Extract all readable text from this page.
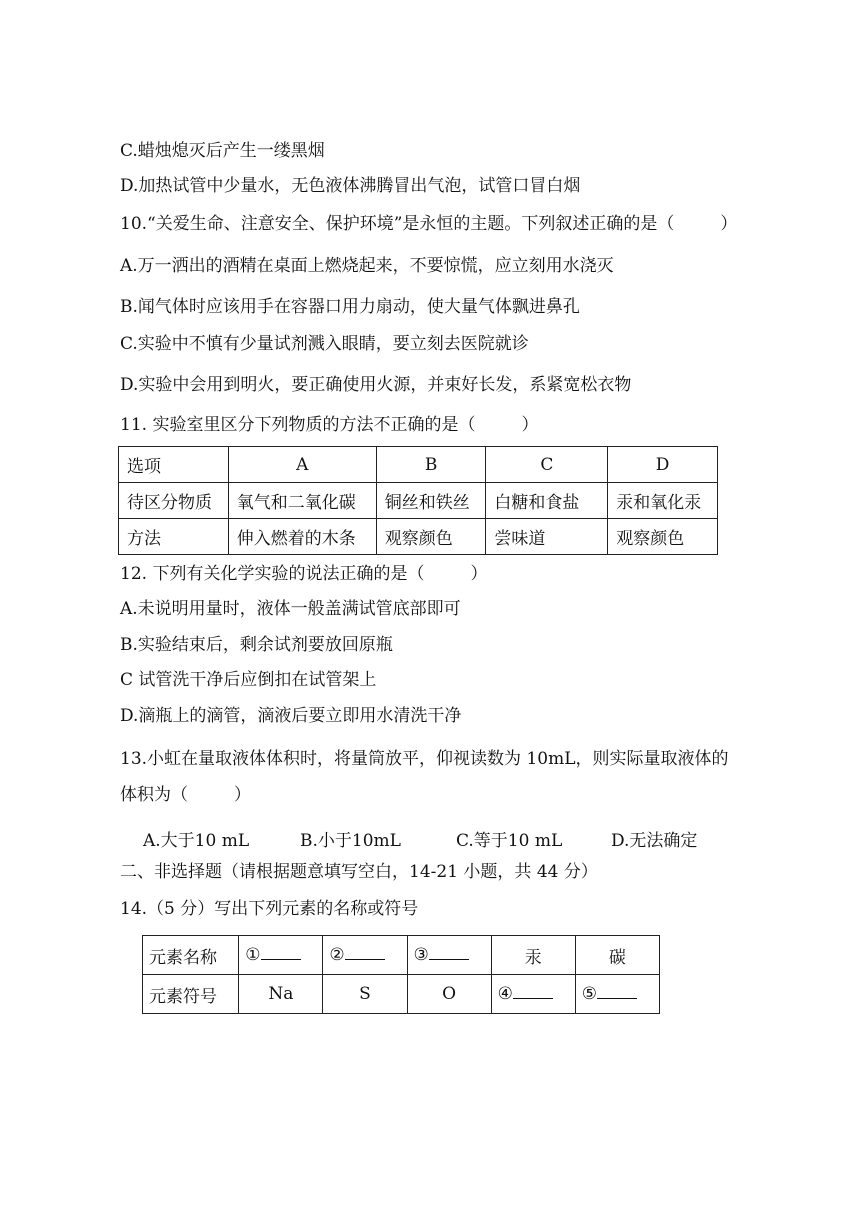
C.蜡烛熄灭后产生一缕黑烟
D.加热试管中少量水，无色液体沸腾冒出气泡，试管口冒白烟
10.“关爱生命、注意安全、保护环境”是永恒的主题。下列叙述正确的是（	）
A.万一洒出的酒精在桌面上燃烧起来，不要惊慌，应立刻用水浇灭
B.闻气体时应该用手在容器口用力扇动，使大量气体飘进鼻孔
C.实验中不慎有少量试剂溅入眼睛，要立刻去医院就诊
D.实验中会用到明火，要正确使用火源，并束好长发，系紧宽松衣物
11. 实验室里区分下列物质的方法不正确的是（	）
选项	A	B	C	D
待区分物质	氧气和二氧化碳	铜丝和铁丝	白糖和食盐	汞和氧化汞
方法	伸入燃着的木条	观察颜色	尝味道	观察颜色
12. 下列有关化学实验的说法正确的是（	）
A.未说明用量时，液体一般盖满试管底部即可
B.实验结束后，剩余试剂要放回原瓶
C 试管洗干净后应倒扣在试管架上
D.滴瓶上的滴管，滴液后要立即用水清洗干净
13.小虹在量取液体体积时，将量筒放平，仰视读数为 10mL，则实际量取液体的
体积为（	）
A.大于10 mL	B.小于10mL	C.等于10 mL	D.无法确定
二、非选择题（请根据题意填写空白，14-21 小题，共 44 分）
14.（5 分）写出下列元素的名称或符号
元素名称	①	②	③	汞	碳
元素符号	Na	S	O	④	⑤
